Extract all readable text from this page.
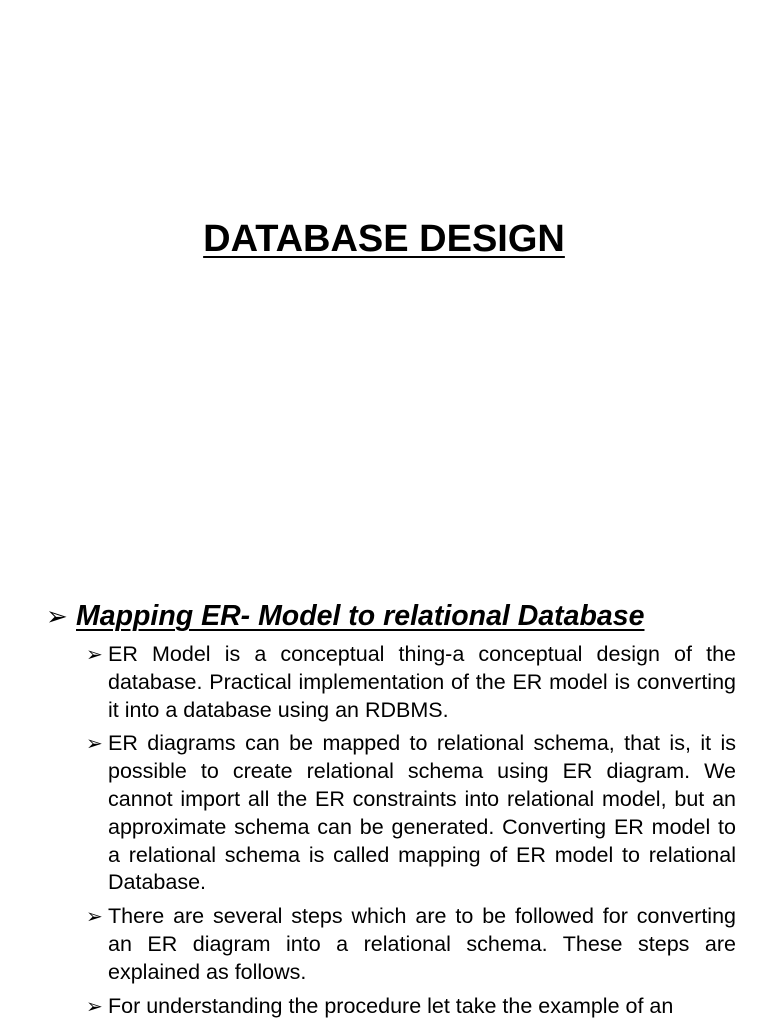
DATABASE DESIGN
➢ Mapping ER- Model to relational Database
➢ ER Model is a conceptual thing-a conceptual design of the database. Practical implementation of the ER model is converting it into a database using an RDBMS.
➢ ER diagrams can be mapped to relational schema, that is, it is possible to create relational schema using ER diagram. We cannot import all the ER constraints into relational model, but an approximate schema can be generated. Converting ER model to a relational schema is called mapping of ER model to relational Database.
➢ There are several steps which are to be followed for converting an ER diagram into a relational schema. These steps are explained as follows.
➢ For understanding the procedure let take the example of an
